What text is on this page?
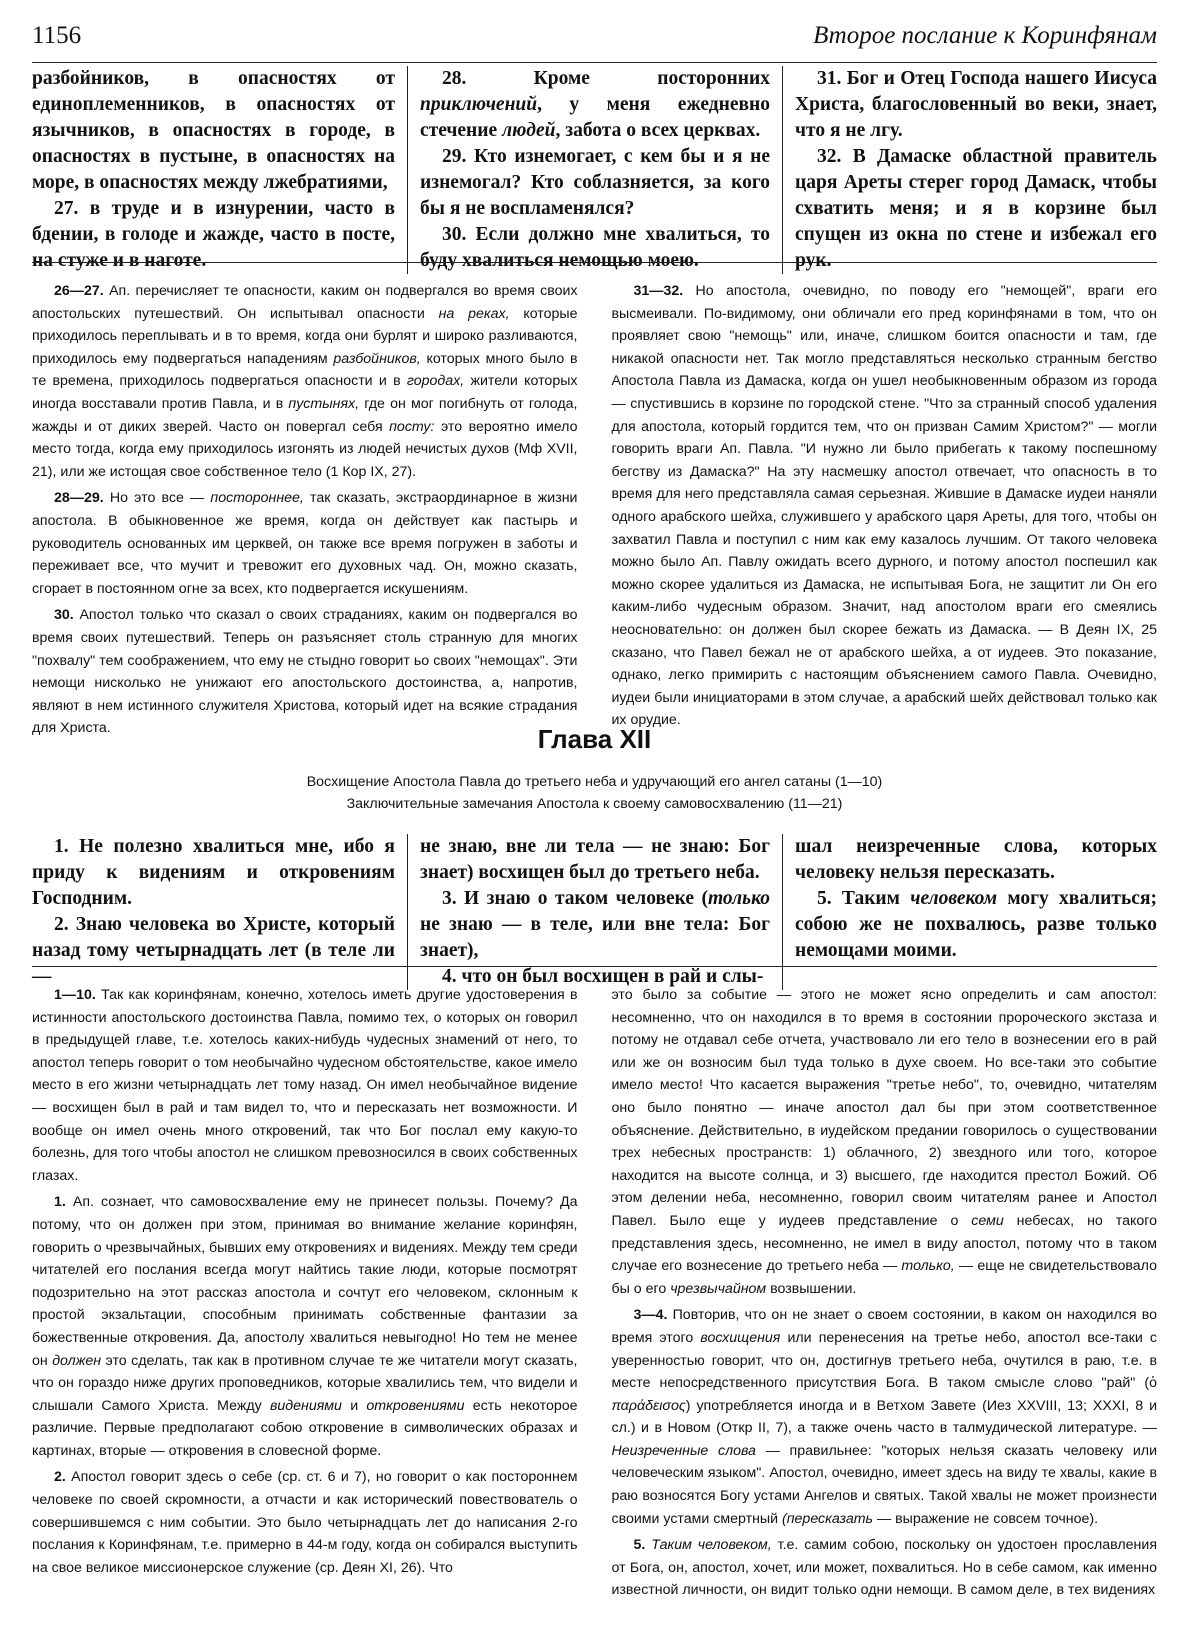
1156	Второе послание к Коринфянам

разбойников, в опасностях от единоплеменников, в опасностях от язычников, в опасностях в городе, в опасностях в пустыне, в опасностях на море, в опасностях между лжебратиями,

27. в труде и в изнурении, часто в бдении, в голоде и жажде, часто в посте, на стуже и в наготе.

28. Кроме посторонних приключений, у меня ежедневно стечение людей, забота о всех церквах.

29. Кто изнемогает, с кем бы и я не изнемогал? Кто соблазняется, за кого бы я не воспламенялся?

30. Если должно мне хвалиться, то буду хвалиться немощью моею.

31. Бог и Отец Господа нашего Иисуса Христа, благословенный во веки, знает, что я не лгу.

32. В Дамаске областной правитель царя Ареты стерег город Дамаск, чтобы схватить меня; и я в корзине был спущен из окна по стене и избежал его рук.

26—27. Ап. перечисляет те опасности, каким он подвергался во время своих апостольских путешествий. Он испытывал опасности на реках, которые приходилось переплывать и в то время, когда они бурлят и широко разливаются, приходилось ему подвергаться нападениям разбойников, которых много было в те времена, приходилось подвергаться опасности и в городах, жители которых иногда восставали против Павла, и в пустынях, где он мог погибнуть от голода, жажды и от диких зверей. Часто он повергал себя посту: это вероятно имело место тогда, когда ему приходилось изгонять из людей нечистых духов (Мф XVII, 21), или же истощая свое собственное тело (1 Кор IX, 27).

28—29. Но это все — постороннее, так сказать, экстраординарное в жизни апостола. В обыкновенное же время, когда он действует как пастырь и руководитель основанных им церквей, он также все время погружен в заботы и переживает все, что мучит и тревожит его духовных чад. Он, можно сказать, сгорает в постоянном огне за всех, кто подвергается искушениям.

30. Апостол только что сказал о своих страданиях, каким он подвергался во время своих путешествий. Теперь он разъясняет столь странную для многих "похвалу" тем соображением, что ему не стыдно говорит ьо своих "немощах". Эти немощи нисколько не унижают его апостольского достоинства, а, напротив, являют в нем истинного служителя Христова, который идет на всякие страдания для Христа.

31—32. Но апостола, очевидно, по поводу его "немощей", враги его высмеивали. По-видимому, они обличали его пред коринфянами в том, что он проявляет свою "немощь" или, иначе, слишком боится опасности и там, где никакой опасности нет. Так могло представляться несколько странным бегство Апостола Павла из Дамаска, когда он ушел необыкновенным образом из города — спустившись в корзине по городской стене. "Что за странный способ удаления для апостола, который гордится тем, что он призван Самим Христом?" — могли говорить враги Ап. Павла. "И нужно ли было прибегать к такому поспешному бегству из Дамаска?" На эту насмешку апостол отвечает, что опасность в то время для него представляла самая серьезная. Жившие в Дамаске иудеи наняли одного арабского шейха, служившего у арабского царя Ареты, для того, чтобы он захватил Павла и поступил с ним как ему казалось лучшим. От такого человека можно было Ап. Павлу ожидать всего дурного, и потому апостол поспешил как можно скорее удалиться из Дамаска, не испытывая Бога, не защитит ли Он его каким-либо чудесным образом. Значит, над апостолом враги его смеялись неосновательно: он должен был скорее бежать из Дамаска. — В Деян IX, 25 сказано, что Павел бежал не от арабского шейха, а от иудеев. Это показание, однако, легко примирить с настоящим объяснением самого Павла. Очевидно, иудеи были инициаторами в этом случае, а арабский шейх действовал только как их орудие.

Глава XII
Восхищение Апостола Павла до третьего неба и удручающий его ангел сатаны (1—10)
Заключительные замечания Апостола к своему самовосхвалению (11—21)

1. Не полезно хвалиться мне, ибо я приду к видениям и откровениям Господним.

2. Знаю человека во Христе, который назад тому четырнадцать лет (в теле ли —

не знаю, вне ли тела — не знаю: Бог знает) восхищен был до третьего неба.

3. И знаю о таком человеке (только не знаю — в теле, или вне тела: Бог знает),

4. что он был восхищен в рай и слы-

шал неизреченные слова, которых человеку нельзя пересказать.

5. Таким человеком могу хвалиться; собою же не похвалюсь, разве только немощами моими.

1—10. Так как коринфянам, конечно, хотелось иметь другие удостоверения в истинности апостольского достоинства Павла, помимо тех, о которых он говорил в предыдущей главе, т.е. хотелось каких-нибудь чудесных знамений от него, то апостол теперь говорит о том необычайно чудесном обстоятельстве, какое имело место в его жизни четырнадцать лет тому назад. Он имел необычайное видение — восхищен был в рай и там видел то, что и пересказать нет возможности. И вообще он имел очень много откровений, так что Бог послал ему какую-то болезнь, для того чтобы апостол не слишком превозносился в своих собственных глазах.

1. Ап. сознает, что самовосхваление ему не принесет пользы. Почему? Да потому, что он должен при этом, принимая во внимание желание коринфян, говорить о чрезвычайных, бывших ему откровениях и видениях. Между тем среди читателей его послания всегда могут найтись такие люди, которые посмотрят подозрительно на этот рассказ апостола и сочтут его человеком, склонным к простой экзальтации, способным принимать собственные фантазии за божественные откровения. Да, апостолу хвалиться невыгодно! Но тем не менее он должен это сделать, так как в противном случае те же читатели могут сказать, что он гораздо ниже других проповедников, которые хвалились тем, что видели и слышали Самого Христа. Между видениями и откровениями есть некоторое различие. Первые предполагают собою откровение в символических образах и картинах, вторые — откровения в словесной форме.

2. Апостол говорит здесь о себе (ср. ст. 6 и 7), но говорит о как постороннем человеке по своей скромности, а отчасти и как исторический повествователь о совершившемся с ним событии. Это было четырнадцать лет до написания 2-го послания к Коринфянам, т.е. примерно в 44-м году, когда он собирался выступить на свое великое миссионерское служение (ср. Деян XI, 26). Что

это было за событие — этого не может ясно определить и сам апостол: несомненно, что он находился в то время в состоянии пророческого экстаза и потому не отдавал себе отчета, участвовало ли его тело в вознесении его в рай или же он возносим был туда только в духе своем. Но все-таки это событие имело место! Что касается выражения "третье небо", то, очевидно, читателям оно было понятно — иначе апостол дал бы при этом соответственное объяснение. Действительно, в иудейском предании говорилось о существовании трех небесных пространств: 1) облачного, 2) звездного или того, которое находится на высоте солнца, и 3) высшего, где находится престол Божий. Об этом делении неба, несомненно, говорил своим читателям ранее и Апостол Павел. Было еще у иудеев представление о семи небесах, но такого представления здесь, несомненно, не имел в виду апостол, потому что в таком случае его вознесение до третьего неба — только, — еще не свидетельствовало бы о его чрезвычайном возвышении.

3—4. Повторив, что он не знает о своем состоянии, в каком он находился во время этого восхищения или перенесения на третье небо, апостол все-таки с уверенностью говорит, что он, достигнув третьего неба, очутился в раю, т.е. в месте непосредственного присутствия Бога. В таком смысле слово "рай" (ὁ παράδεισος) употребляется иногда и в Ветхом Завете (Иез XXVIII, 13; XXXI, 8 и сл.) и в Новом (Откр II, 7), а также очень часто в талмудической литературе. — Неизреченные слова — правильнее: "которых нельзя сказать человеку или человеческим языком". Апостол, очевидно, имеет здесь на виду те хвалы, какие в раю возносятся Богу устами Ангелов и святых. Такой хвалы не может произнести своими устами смертный (пересказать — выражение не совсем точное).

5. Таким человеком, т.е. самим собою, поскольку он удостоен прославления от Бога, он, апостол, хочет, или может, похвалиться. Но в себе самом, как именно известной личности, он видит только одни немощи. В самом деле, в тех видениях
